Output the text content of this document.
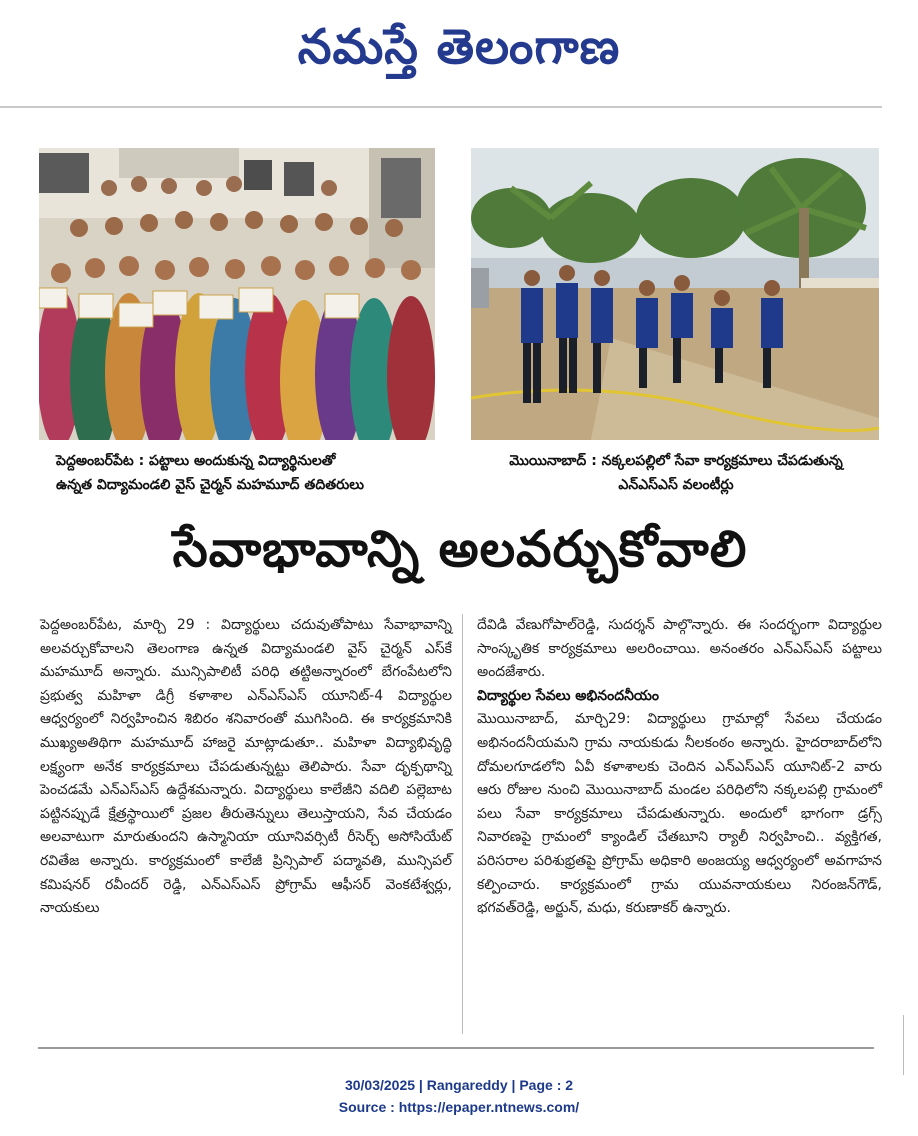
నమస్తే తెలంగాణ
పెద్దఅంబర్‌పేట : పట్టాలు అందుకున్న విద్యార్థినులతో
ఉన్నత విద్యామండలి వైస్‌ చైర్మన్‌ మహమూద్‌ తదితరులు
మొయినాబాద్‌ : నక్కలపల్లిలో సేవా కార్యక్రమాలు చేపడుతున్న
ఎన్‌ఎస్‌ఎస్‌ వలంటీర్లు
సేవాభావాన్ని అలవర్చుకోవాలి

పెద్దఅంబర్‌పేట, మార్చి 29 : విద్యార్థులు చదువుతోపాటు సేవాభావాన్ని అలవర్చుకోవాలని తెలంగాణ ఉన్నత విద్యామండలి వైస్‌ చైర్మన్‌ ఎస్‌కే మహమూద్‌ అన్నారు. మున్సిపాలిటీ పరిధి తట్టిఅన్నారంలో బేగంపేటలోని ప్రభుత్వ మహిళా డిగ్రీ కళాశాల ఎన్‌ఎస్‌ఎస్‌ యూనిట్‌-4 విద్యార్థుల ఆధ్వర్యంలో నిర్వహించిన శిబిరం శనివారంతో ముగిసింది. ఈ కార్యక్రమానికి ముఖ్యఅతిథిగా మహమూద్‌ హాజరై మాట్లాడుతూ.. మహిళా విద్యాభివృద్ధి లక్ష్యంగా అనేక కార్యక్రమాలు చేపడుతున్నట్టు తెలిపారు. సేవా దృక్పథాన్ని పెంచడమే ఎన్‌ఎస్‌ఎస్‌ ఉద్దేశమన్నారు. విద్యార్థులు కాలేజీని వదిలి పల్లెబాట పట్టినప్పుడే క్షేత్రస్థాయిలో ప్రజల తీరుతెన్నులు తెలుస్తాయని, సేవ చేయడం అలవాటుగా మారుతుందని ఉస్మానియా యూనివర్సిటీ రీసెర్చ్‌ అసోసియేట్‌ రవితేజ అన్నారు. కార్యక్రమంలో కాలేజీ ప్రిన్సిపాల్‌ పద్మావతి, మున్సిపల్‌ కమిషనర్‌ రవీందర్‌ రెడ్డి, ఎన్‌ఎస్‌ఎస్‌ ప్రోగ్రామ్‌ ఆఫీసర్‌ వెంకటేశ్వర్లు, నాయకులు

దేవిడి వేణుగోపాల్‌రెడ్డి, సుదర్శన్‌ పాల్గొన్నారు. ఈ సందర్భంగా విద్యార్థుల సాంస్కృతిక కార్యక్రమాలు అలరించాయి. అనంతరం ఎన్‌ఎస్‌ఎస్‌ పట్టాలు అందజేశారు.

విద్యార్థుల సేవలు అభినందనీయం

మొయినాబాద్‌, మార్చి29: విద్యార్థులు గ్రామాల్లో సేవలు చేయడం అభినందనీయమని గ్రామ నాయకుడు నీలకంఠం అన్నారు. హైదరాబాద్‌లోని దోమలగూడలోని ఏవీ కళాశాలకు చెందిన ఎన్‌ఎస్‌ఎస్‌ యూనిట్‌-2 వారు ఆరు రోజుల నుంచి మొయినాబాద్‌ మండల పరిధిలోని నక్కలపల్లి గ్రామంలో పలు సేవా కార్యక్రమాలు చేపడుతున్నారు. అందులో భాగంగా డ్రగ్స్‌ నివారణపై గ్రామంలో క్యాండిల్‌ చేతబూని ర్యాలీ నిర్వహించి.. వ్యక్తిగత, పరిసరాల పరిశుభ్రతపై ప్రోగ్రామ్‌ అధికారి అంజయ్య ఆధ్వర్యంలో అవగాహన కల్పించారు. కార్యక్రమంలో గ్రామ యువనాయకులు నిరంజన్‌గౌడ్‌, భగవత్‌రెడ్డి, అర్జున్‌, మధు, కరుణాకర్‌ ఉన్నారు.

30/03/2025 | Rangareddy | Page : 2
Source : https://epaper.ntnews.com/
